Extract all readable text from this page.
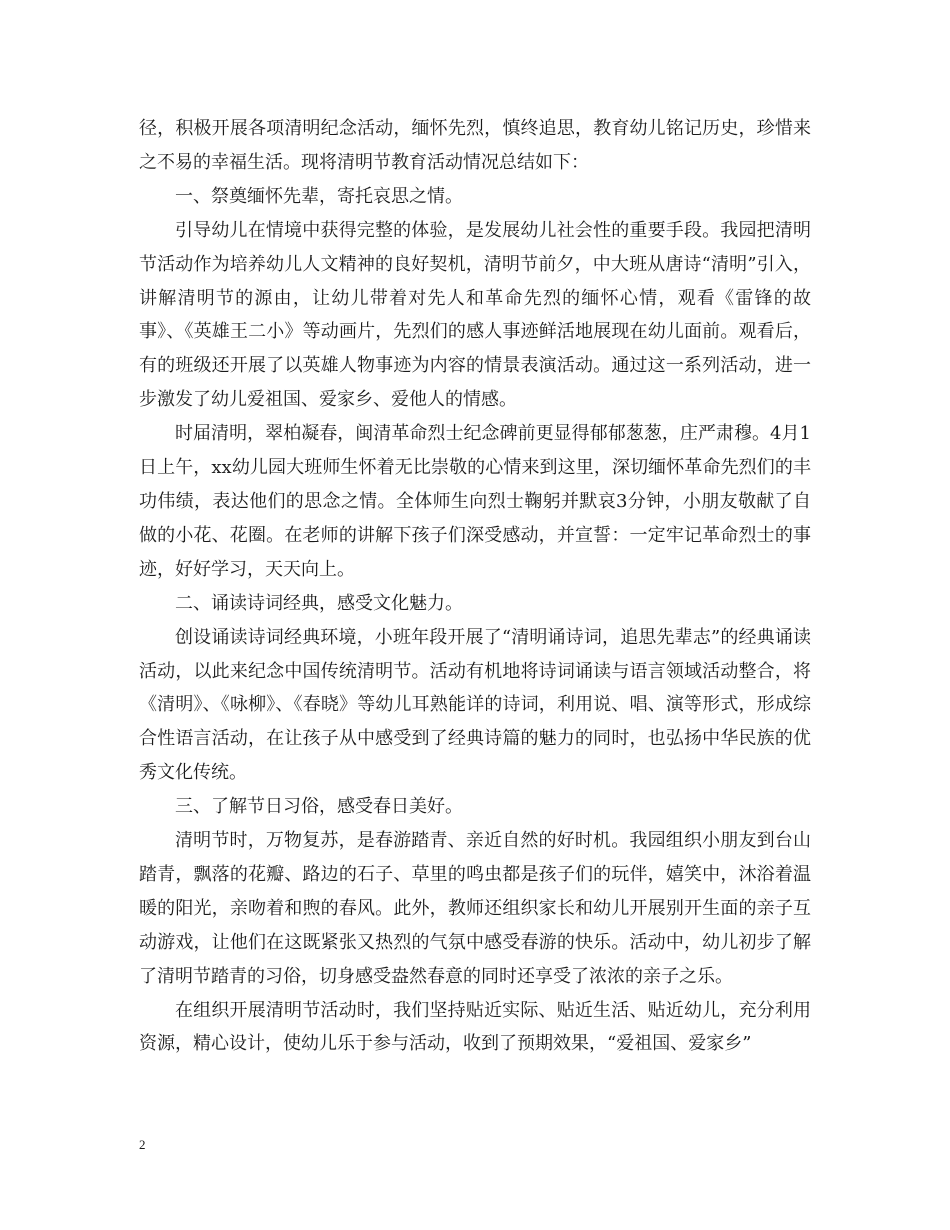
径，积极开展各项清明纪念活动，缅怀先烈，慎终追思，教育幼儿铭记历史，珍惜来之不易的幸福生活。现将清明节教育活动情况总结如下：

一、祭奠缅怀先辈，寄托哀思之情。

引导幼儿在情境中获得完整的体验，是发展幼儿社会性的重要手段。我园把清明节活动作为培养幼儿人文精神的良好契机，清明节前夕，中大班从唐诗“清明”引入，讲解清明节的源由，让幼儿带着对先人和革命先烈的缅怀心情，观看《雷锋的故事》、《英雄王二小》等动画片，先烈们的感人事迹鲜活地展现在幼儿面前。观看后，有的班级还开展了以英雄人物事迹为内容的情景表演活动。通过这一系列活动，进一步激发了幼儿爱祖国、爱家乡、爱他人的情感。

时届清明，翠柏凝春，闽清革命烈士纪念碑前更显得郁郁葱葱，庄严肃穆。4月1日上午，xx幼儿园大班师生怀着无比崇敬的心情来到这里，深切缅怀革命先烈们的丰功伟绩，表达他们的思念之情。全体师生向烈士鞠躬并默哀3分钟，小朋友敬献了自做的小花、花圈。在老师的讲解下孩子们深受感动，并宣誓：一定牢记革命烈士的事迹，好好学习，天天向上。

二、诵读诗词经典，感受文化魅力。

创设诵读诗词经典环境，小班年段开展了“清明诵诗词，追思先辈志”的经典诵读活动，以此来纪念中国传统清明节。活动有机地将诗词诵读与语言领域活动整合，将《清明》、《咏柳》、《春晓》等幼儿耳熟能详的诗词，利用说、唱、演等形式，形成综合性语言活动，在让孩子从中感受到了经典诗篇的魅力的同时，也弘扬中华民族的优秀文化传统。

三、了解节日习俗，感受春日美好。

清明节时，万物复苏，是春游踏青、亲近自然的好时机。我园组织小朋友到台山踏青，飘落的花瓣、路边的石子、草里的鸣虫都是孩子们的玩伴，嬉笑中，沐浴着温暖的阳光，亲吻着和煦的春风。此外，教师还组织家长和幼儿开展别开生面的亲子互动游戏，让他们在这既紧张又热烈的气氛中感受春游的快乐。活动中，幼儿初步了解了清明节踏青的习俗，切身感受盎然春意的同时还享受了浓浓的亲子之乐。

在组织开展清明节活动时，我们坚持贴近实际、贴近生活、贴近幼儿，充分利用资源，精心设计，使幼儿乐于参与活动，收到了预期效果，“爱祖国、爱家乡”

2
